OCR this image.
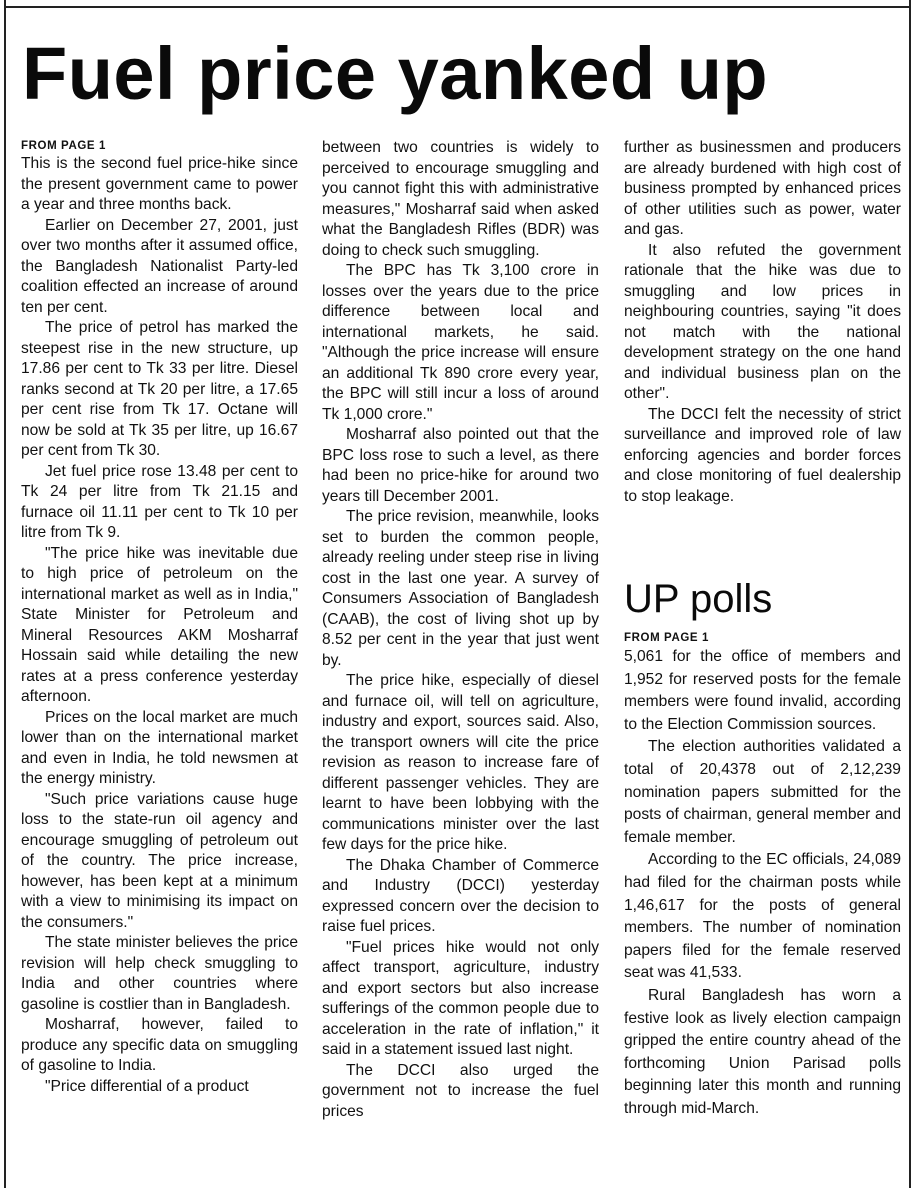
Fuel price yanked up
FROM PAGE 1

This is the second fuel price-hike since the present government came to power a year and three months back.

Earlier on December 27, 2001, just over two months after it assumed office, the Bangladesh Nationalist Party-led coalition effected an increase of around ten per cent.

The price of petrol has marked the steepest rise in the new structure, up 17.86 per cent to Tk 33 per litre. Diesel ranks second at Tk 20 per litre, a 17.65 per cent rise from Tk 17. Octane will now be sold at Tk 35 per litre, up 16.67 per cent from Tk 30.

Jet fuel price rose 13.48 per cent to Tk 24 per litre from Tk 21.15 and furnace oil 11.11 per cent to Tk 10 per litre from Tk 9.

"The price hike was inevitable due to high price of petroleum on the international market as well as in India," State Minister for Petroleum and Mineral Resources AKM Mosharraf Hossain said while detailing the new rates at a press conference yesterday afternoon.

Prices on the local market are much lower than on the international market and even in India, he told newsmen at the energy ministry.

"Such price variations cause huge loss to the state-run oil agency and encourage smuggling of petroleum out of the country. The price increase, however, has been kept at a minimum with a view to minimising its impact on the consumers."

The state minister believes the price revision will help check smuggling to India and other countries where gasoline is costlier than in Bangladesh.

Mosharraf, however, failed to produce any specific data on smuggling of gasoline to India.

"Price differential of a product

between two countries is widely to perceived to encourage smuggling and you cannot fight this with administrative measures," Mosharraf said when asked what the Bangladesh Rifles (BDR) was doing to check such smuggling.

The BPC has Tk 3,100 crore in losses over the years due to the price difference between local and international markets, he said. "Although the price increase will ensure an additional Tk 890 crore every year, the BPC will still incur a loss of around Tk 1,000 crore."

Mosharraf also pointed out that the BPC loss rose to such a level, as there had been no price-hike for around two years till December 2001.

The price revision, meanwhile, looks set to burden the common people, already reeling under steep rise in living cost in the last one year. A survey of Consumers Association of Bangladesh (CAAB), the cost of living shot up by 8.52 per cent in the year that just went by.

The price hike, especially of diesel and furnace oil, will tell on agriculture, industry and export, sources said. Also, the transport owners will cite the price revision as reason to increase fare of different passenger vehicles. They are learnt to have been lobbying with the communications minister over the last few days for the price hike.

The Dhaka Chamber of Commerce and Industry (DCCI) yesterday expressed concern over the decision to raise fuel prices.

"Fuel prices hike would not only affect transport, agriculture, industry and export sectors but also increase sufferings of the common people due to acceleration in the rate of inflation," it said in a statement issued last night.

The DCCI also urged the government not to increase the fuel prices

further as businessmen and producers are already burdened with high cost of business prompted by enhanced prices of other utilities such as power, water and gas.

It also refuted the government rationale that the hike was due to smuggling and low prices in neighbouring countries, saying "it does not match with the national development strategy on the one hand and individual business plan on the other".

The DCCI felt the necessity of strict surveillance and improved role of law enforcing agencies and border forces and close monitoring of fuel dealership to stop leakage.

UP polls
FROM PAGE 1

5,061 for the office of members and 1,952 for reserved posts for the female members were found invalid, according to the Election Commission sources.

The election authorities validated a total of 20,4378 out of 2,12,239 nomination papers submitted for the posts of chairman, general member and female member.

According to the EC officials, 24,089 had filed for the chairman posts while 1,46,617 for the posts of general members. The number of nomination papers filed for the female reserved seat was 41,533.

Rural Bangladesh has worn a festive look as lively election campaign gripped the entire country ahead of the forthcoming Union Parisad polls beginning later this month and running through mid-March.
